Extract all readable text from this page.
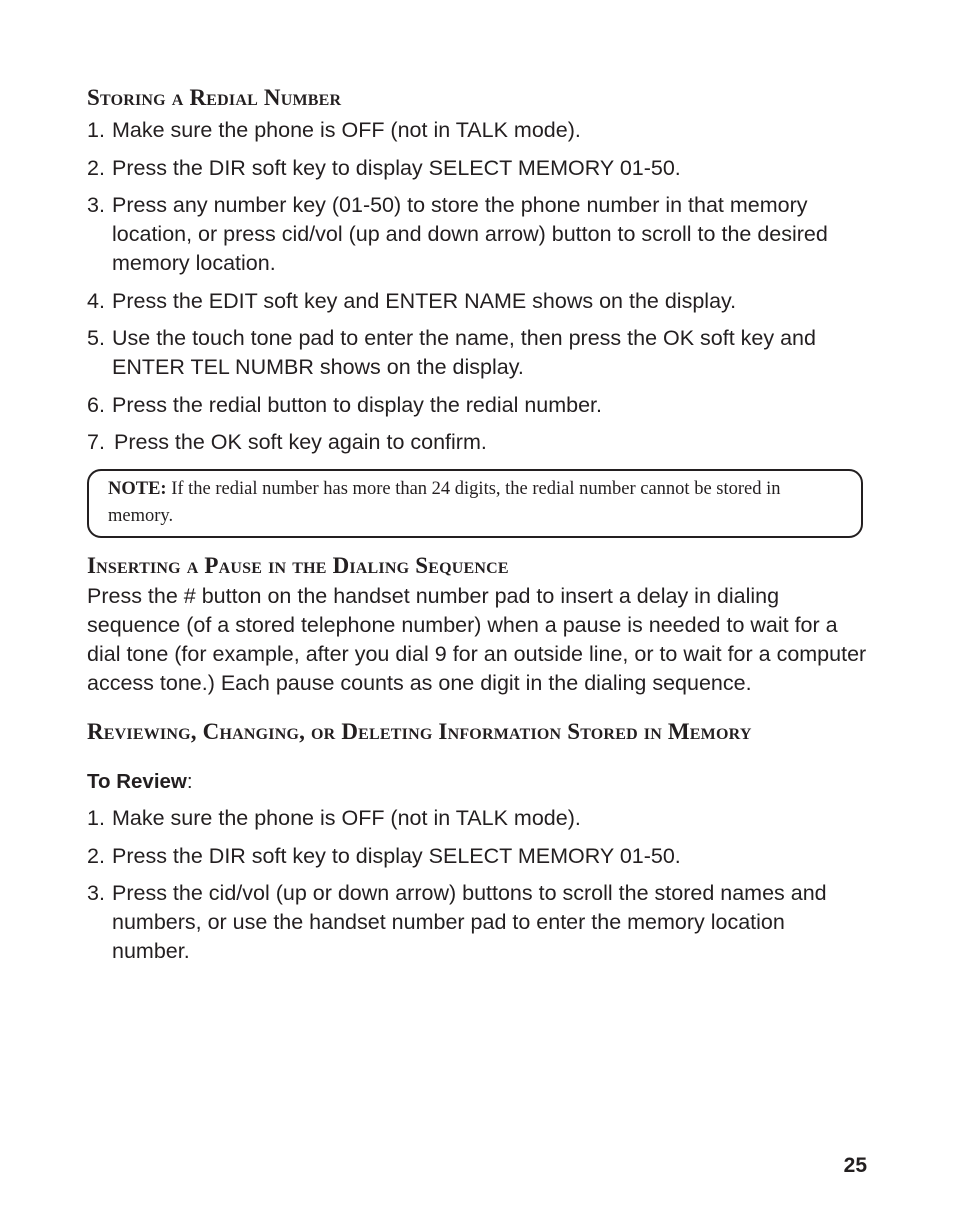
Storing a Redial Number
1. Make sure the phone is OFF (not in TALK mode).
2. Press the DIR soft key to display SELECT MEMORY 01-50.
3. Press any number key (01-50) to store the phone number in that memory location, or press cid/vol (up and down arrow) button to scroll to the desired memory location.
4. Press the EDIT soft key and ENTER NAME shows on the display.
5. Use the touch tone pad to enter the name, then press the OK soft key and ENTER TEL NUMBR shows on the display.
6. Press the redial button to display the redial number.
7. Press the OK soft key again to confirm.
NOTE: If the redial number has more than 24 digits, the redial number cannot be stored in memory.
Inserting a Pause in the Dialing Sequence

Press the # button on the handset number pad to insert a delay in dialing sequence (of a stored telephone number) when a pause is needed to wait for a dial tone (for example, after you dial 9 for an outside line, or to wait for a computer access tone.) Each pause counts as one digit in the dialing sequence.

Reviewing, Changing, or Deleting Information Stored in Memory
To Review:
1. Make sure the phone is OFF (not in TALK mode).
2. Press the DIR soft key to display SELECT MEMORY 01-50.
3. Press the cid/vol (up or down arrow) buttons to scroll the stored names and numbers, or use the handset number pad to enter the memory location number.
25
